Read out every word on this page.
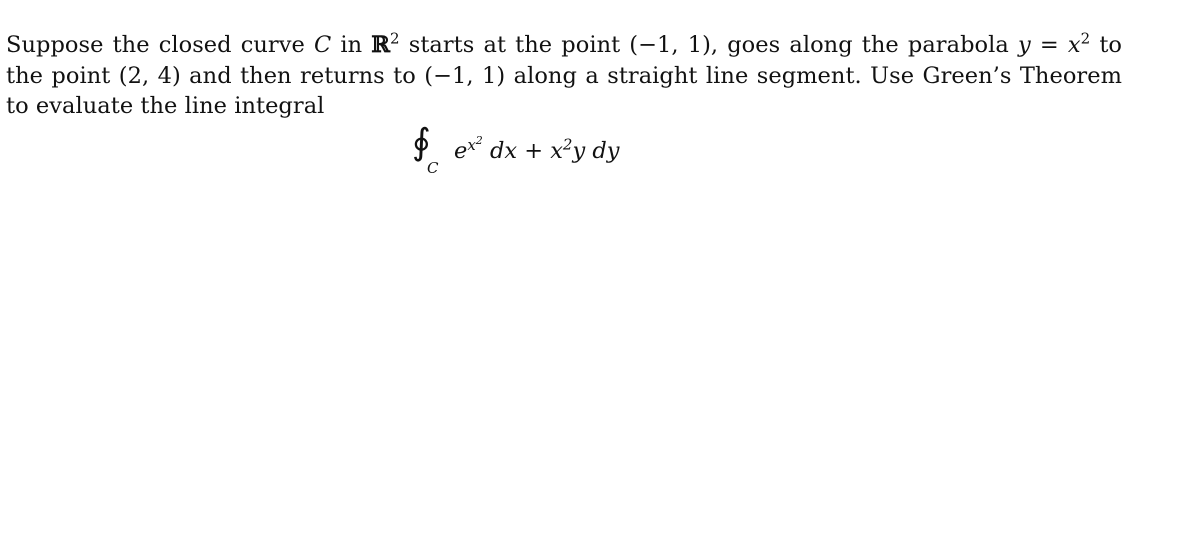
Suppose the closed curve C in ℝ$^2$ starts at the point (−1, 1), goes along the parabola $y = x^2$ to the point (2, 4) and then returns to (−1, 1) along a straight line segment. Use Green’s Theorem to evaluate the line integral

∮
C
$e^{x^2}$ dx + $x^2y$ dy
